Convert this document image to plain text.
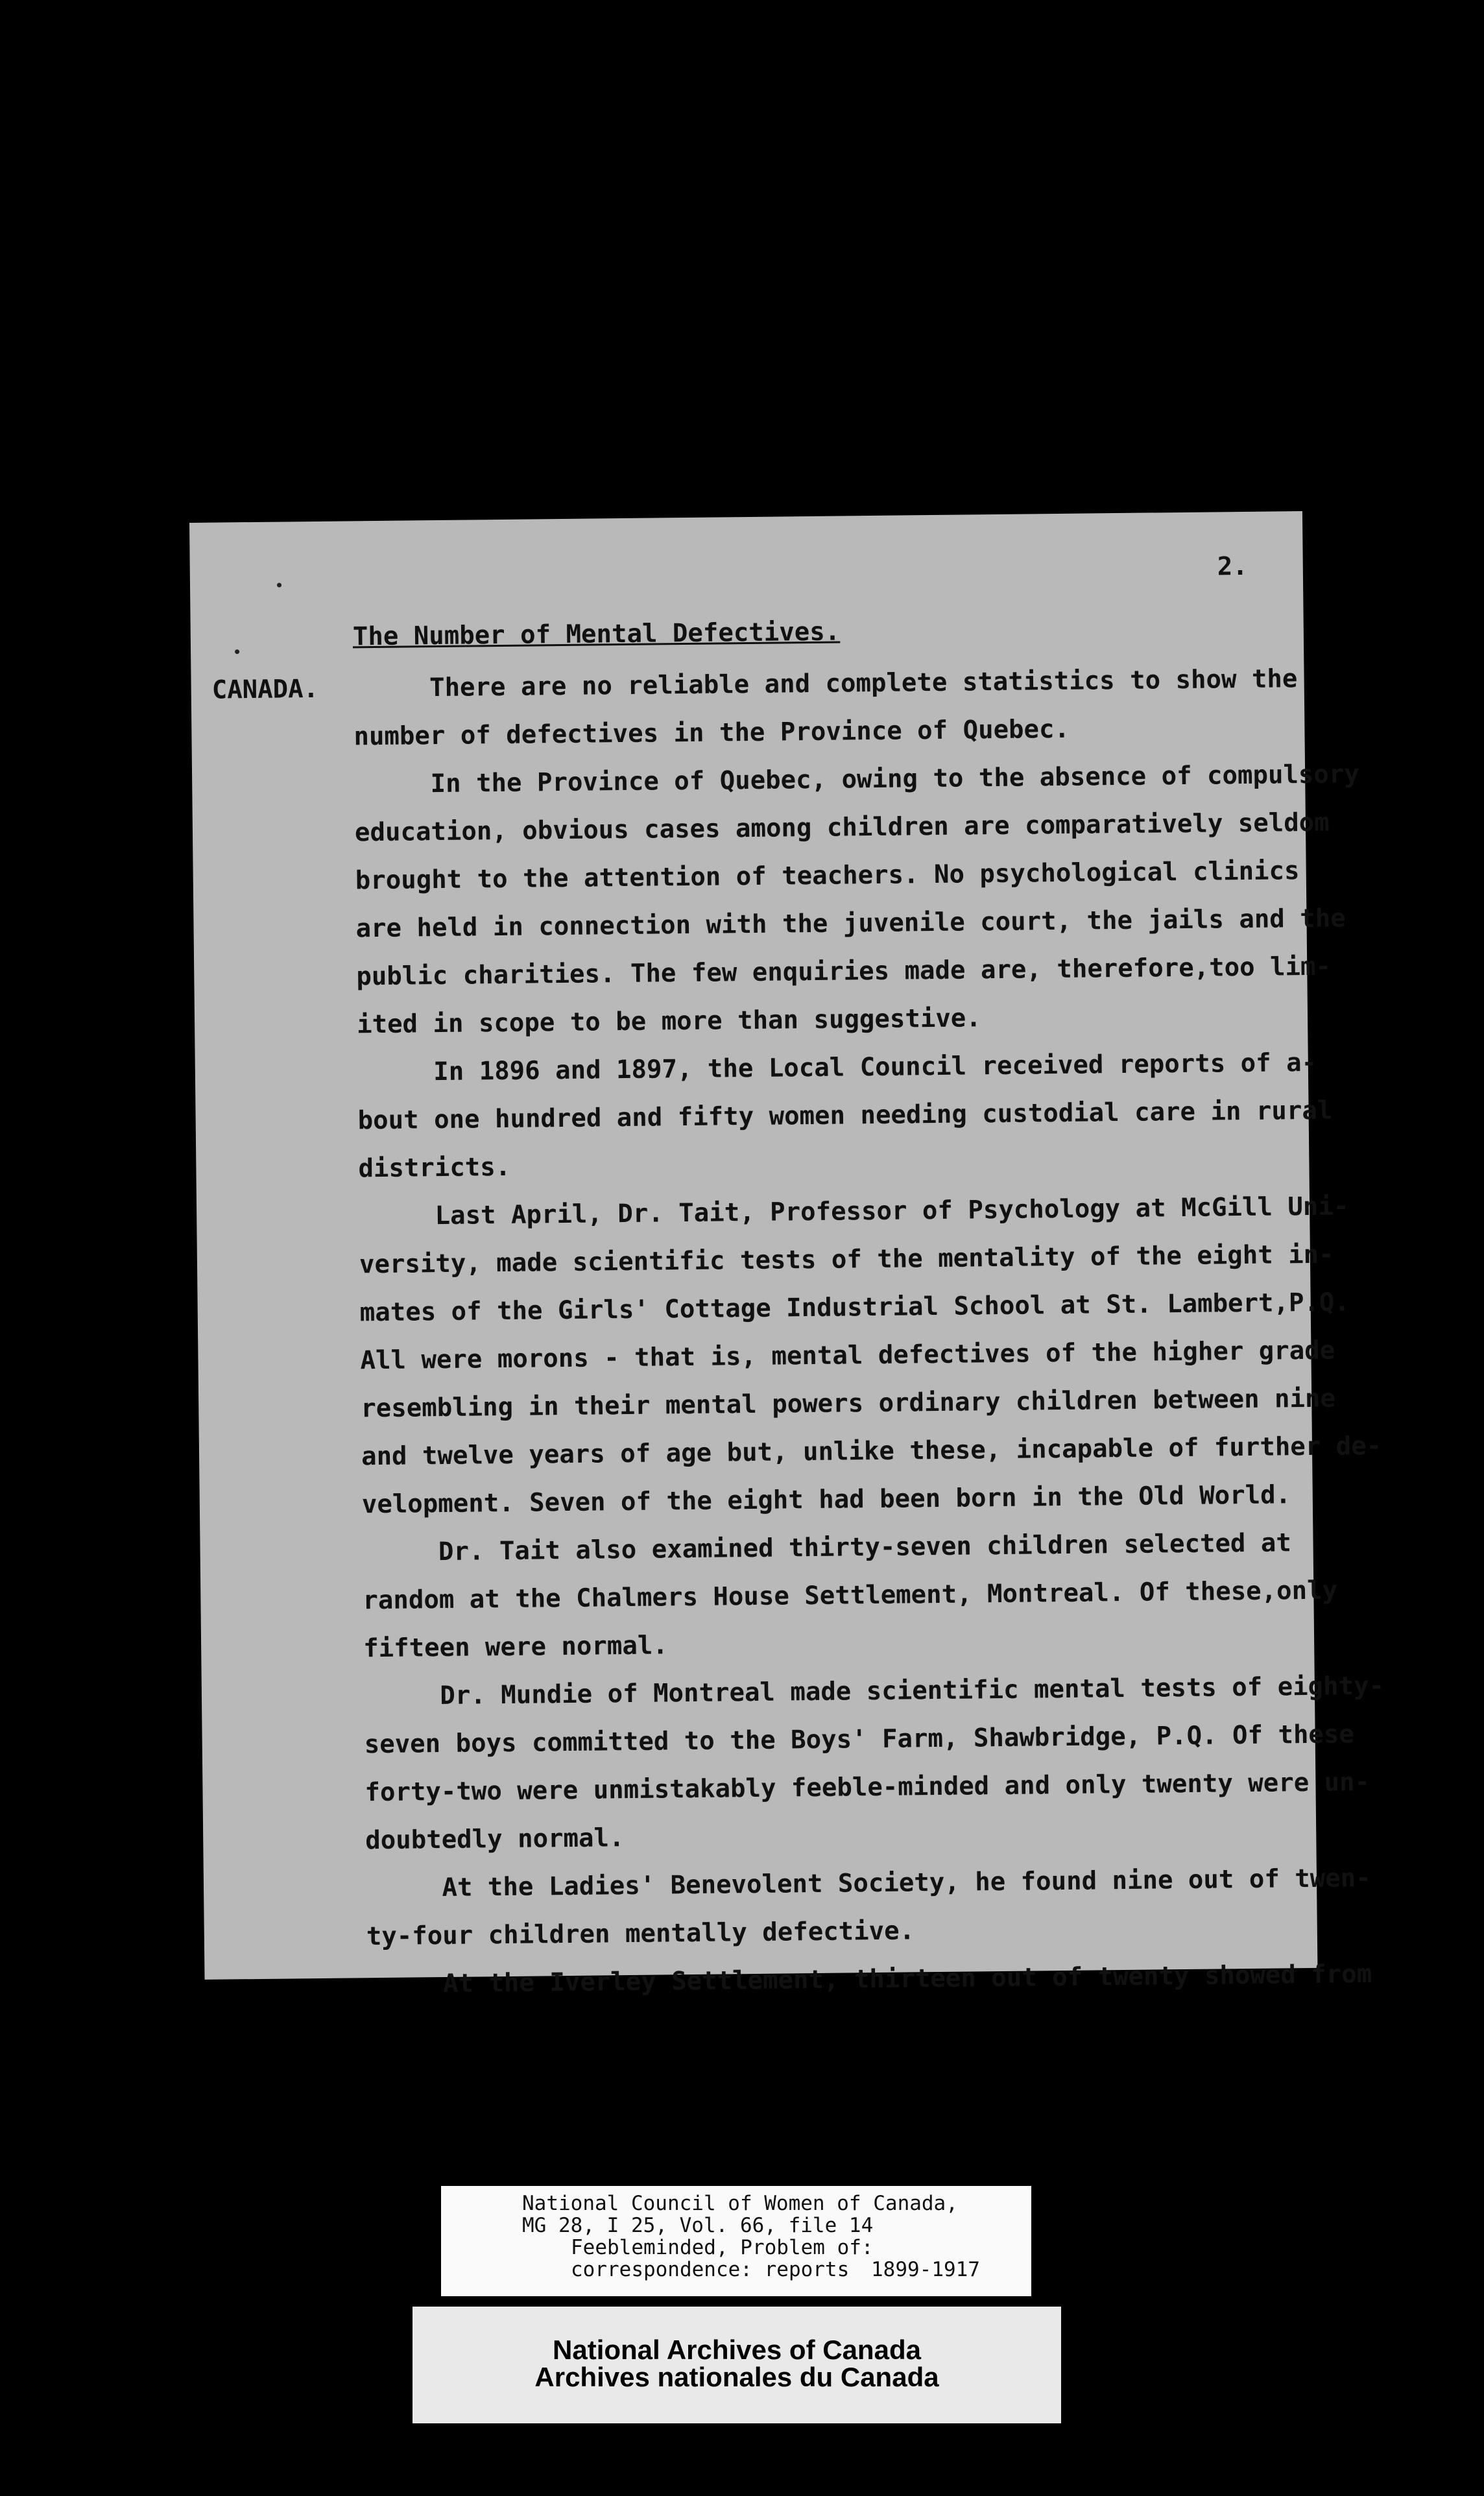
2.
CANADA.
The Number of Mental Defectives.
There are no reliable and complete statistics to show the
number of defectives in the Province of Quebec.
In the Province of Quebec, owing to the absence of compulsory
education, obvious cases among children are comparatively seldom
brought to the attention of teachers. No psychological clinics
are held in connection with the juvenile court, the jails and the
public charities. The few enquiries made are, therefore,too lim-
ited in scope to be more than suggestive.
In 1896 and 1897, the Local Council received reports of a-
bout one hundred and fifty women needing custodial care in rural
districts.
Last April, Dr. Tait, Professor of Psychology at McGill Uni-
versity, made scientific tests of the mentality of the eight in-
mates of the Girls' Cottage Industrial School at St. Lambert,P.Q.
All were morons - that is, mental defectives of the higher grade
resembling in their mental powers ordinary children between nine
and twelve years of age but, unlike these, incapable of further de-
velopment. Seven of the eight had been born in the Old World.
Dr. Tait also examined thirty-seven children selected at
random at the Chalmers House Settlement, Montreal. Of these,only
fifteen were normal.
Dr. Mundie of Montreal made scientific mental tests of eighty-
seven boys committed to the Boys' Farm, Shawbridge, P.Q. Of these
forty-two were unmistakably feeble-minded and only twenty were un-
doubtedly normal.
At the Ladies' Benevolent Society, he found nine out of twen-
ty-four children mentally defective.
At the Iverley Settlement, thirteen out of twenty showed from
National Council of Women of Canada,
MG 28, I 25, Vol. 66, file 14
Feebleminded, Problem of:
correspondence: reports 1899-1917
National Archives of Canada
Archives nationales du Canada
